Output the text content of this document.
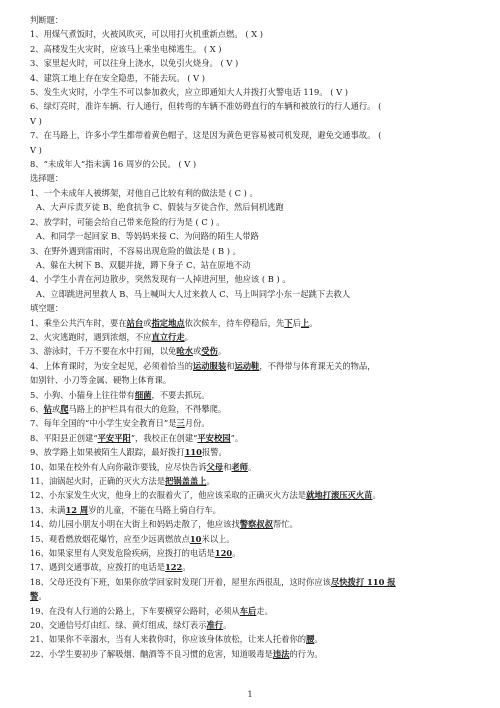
判断题：
1、用煤气煮饭时，火被风吹灭，可以用打火机重新点燃。 ( X )
2、高楼发生火灾时，应该马上乘坐电梯逃生。 ( X )
3、家里起火时，可以往身上浇水，以免引火烧身。 ( V )
4、建筑工地上存在安全隐患，不能去玩。 ( V )
5、发生火灾时，小学生不可以参加救火，应立即通知大人并拨打火警电话 119。 ( V )
6、绿灯亮时，准许车辆、行人通行，但转弯的车辆不准妨碍直行的车辆和被放行的行人通行。 (
V )
7、在马路上，许多小学生都带着黄色帽子，这是因为黄色更容易被司机发现，避免交通事故。 (
V )
8、“未成年人”指未满 16 周岁的公民。 ( V )
选择题：
1、一个未成年人被绑架，对他自己比较有利的做法是 ( C ) 。
A、大声斥责歹徒 B、绝食抗争 C、假装与歹徒合作，然后伺机逃跑
2、放学时，可能会给自己带来危险的行为是 ( C ) 。
A、和同学一起回家 B、等妈妈来接 C、为问路的陌生人带路
3、在野外遇到雷雨时，不容易出现危险的做法是 ( B ) 。
A、躲在大树下 B、双腿并拢，蹲下身子 C、站在原地不动
4、小学生小青在河边散步，突然发现有一人掉进河里，他应该 ( B ) 。
A、立即跳进河里救人 B、马上喊叫大人过来救人 C、马上叫同学小东一起跳下去救人
填空题：
1、乘坐公共汽车时，要在站台或指定地点依次候车，待车停稳后，先下后上。
2、火灾逃跑时，遇到浓烟，不应直立行走。
3、游泳时，千万不要在水中打闹，以免呛水或受伤。
4、上体育课时，为安全起见，必须着恰当的运动服装和运动鞋，不得带与体育课无关的物品，
如别针、小刀等金属、硬物上体育课。
5、小狗、小猫身上往往带有细菌，不要去抓玩。
6、钻或爬马路上的护栏具有很大的危险，不得攀爬。
7、每年全国的“中小学生安全教育日”是三月份。
8、平阳县正创建“平安平阳”，我校正在创建“平安校园”。
9、放学路上如果被陌生人跟踪，最好拨打110报警。
10、如果在校外有人向你敲诈要钱，应尽快告诉父母和老师。
11、油锅起火时，正确的灭火方法是把锅盖盖上。
12、小东家发生火灾，他身上的衣服着火了，他应该采取的正确灭火方法是就地打滚压灭火苗。
13、未满12 周岁的儿童，不能在马路上骑自行车。
14、幼儿园小朋友小明在大街上和妈妈走散了，他应该找警察叔叔帮忙。
15、观看燃放烟花爆竹，应至少远离燃放点10米以上。
16、如果家里有人突发危险疾病，应拨打的电话是120。
17、遇到交通事故，应拨打的电话是122。
18、父母还没有下班，如果你放学回家时发现门开着，屋里东西很乱，这时你应该尽快拨打 110 报
警。
19、在没有人行道的公路上，下车要横穿公路时，必须从车后走。
20、交通信号灯由红、绿、黄灯组成，绿灯表示准行。
21、如果你不幸溺水，当有人来救你时，你应该身体放松，让来人托着你的腰。
22、小学生要初步了解吸烟、酗酒等不良习惯的危害，知道吸毒是违法的行为。
1
